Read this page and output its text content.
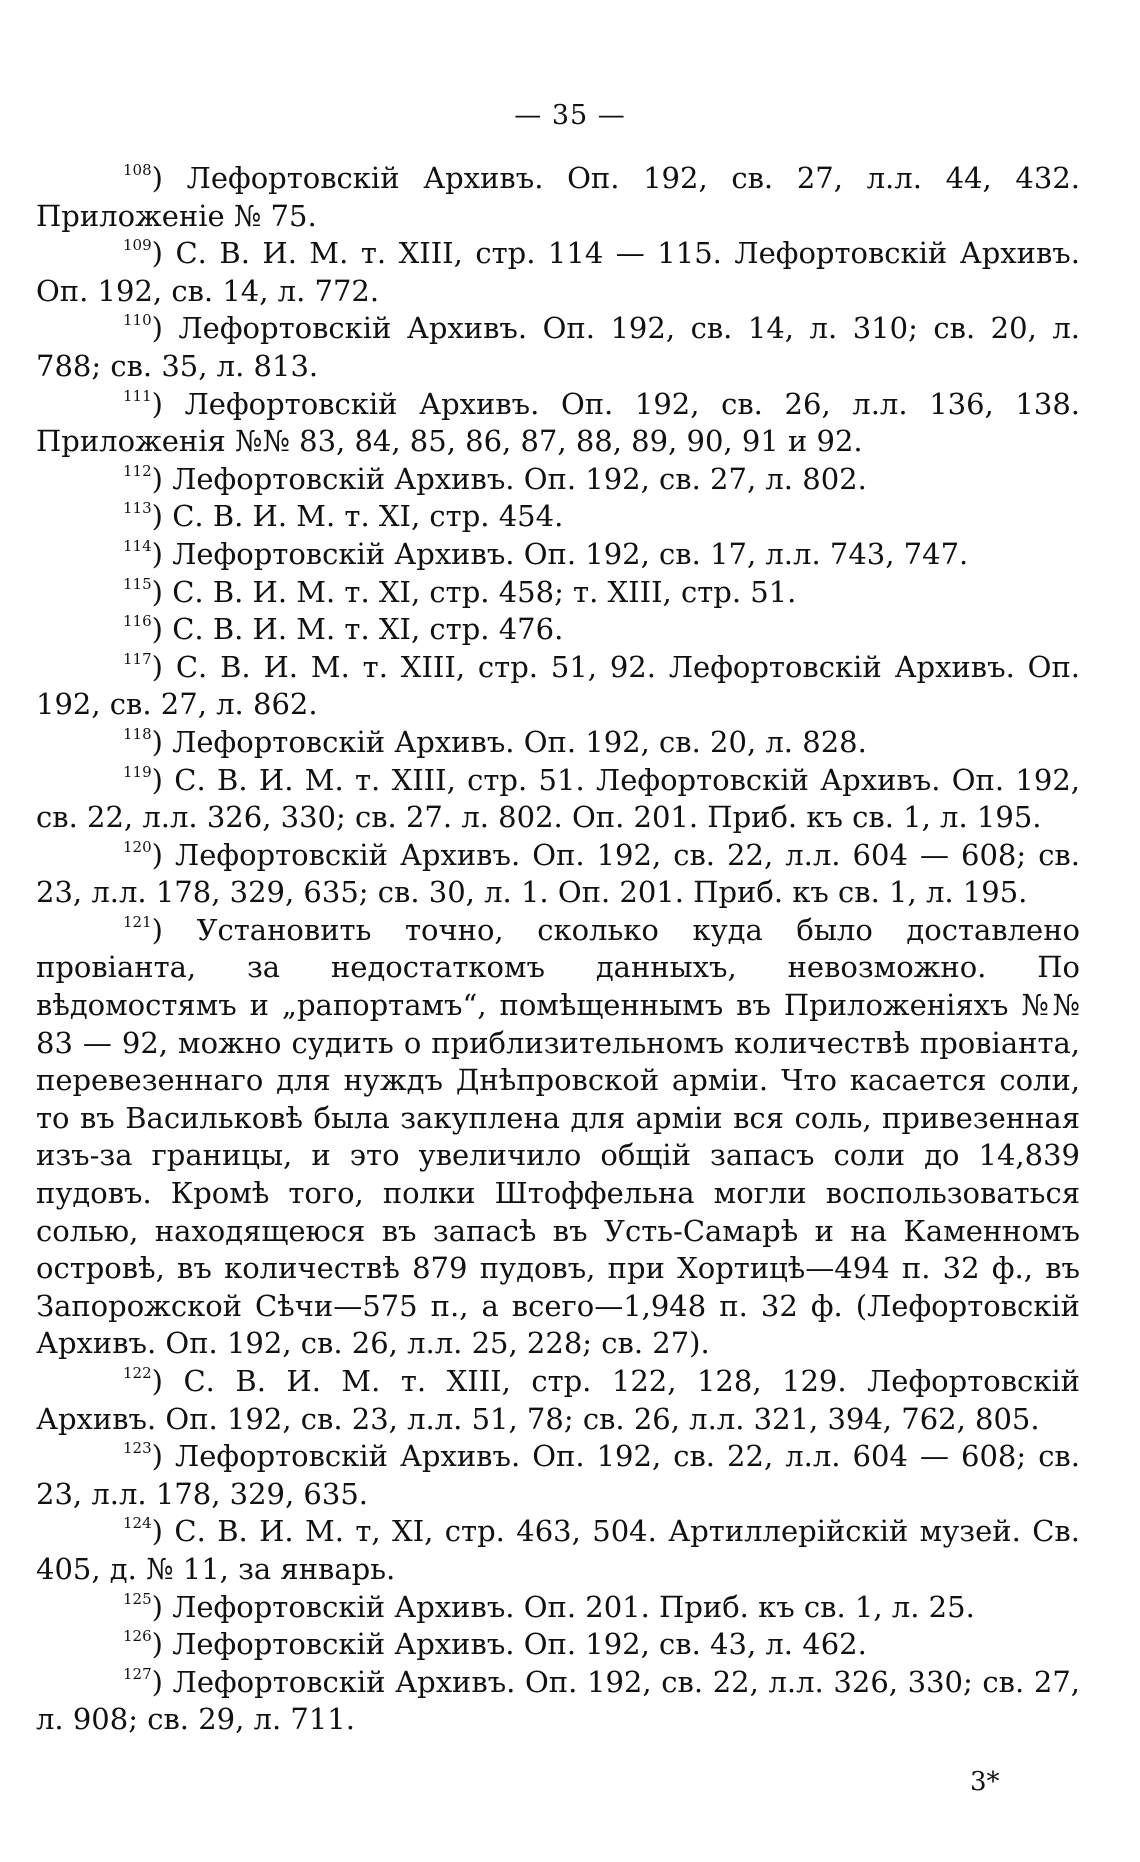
— 35 —

$^{108}$) Лефортовскій Архивъ. Оп. 192, св. 27, л.л. 44, 432. Приложеніе № 75.

$^{109}$) С. В. И. М. т. XIII, стр. 114 — 115. Лефортовскій Архивъ. Оп. 192, св. 14, л. 772.

$^{110}$) Лефортовскій Архивъ. Оп. 192, св. 14, л. 310; св. 20, л. 788; св. 35, л. 813.

$^{111}$) Лефортовскій Архивъ. Оп. 192, св. 26, л.л. 136, 138. Приложенія №№ 83, 84, 85, 86, 87, 88, 89, 90, 91 и 92.

$^{112}$) Лефортовскій Архивъ. Оп. 192, св. 27, л. 802.

$^{113}$) С. В. И. М. т. XI, стр. 454.

$^{114}$) Лефортовскій Архивъ. Оп. 192, св. 17, л.л. 743, 747.

$^{115}$) С. В. И. М. т. XI, стр. 458; т. XIII, стр. 51.

$^{116}$) С. В. И. М. т. XI, стр. 476.

$^{117}$) С. В. И. М. т. XIII, стр. 51, 92. Лефортовскій Архивъ. Оп. 192, св. 27, л. 862.

$^{118}$) Лефортовскій Архивъ. Оп. 192, св. 20, л. 828.

$^{119}$) С. В. И. М. т. XIII, стр. 51. Лефортовскій Архивъ. Оп. 192, св. 22, л.л. 326, 330; св. 27. л. 802. Оп. 201. Приб. къ св. 1, л. 195.

$^{120}$) Лефортовскій Архивъ. Оп. 192, св. 22, л.л. 604 — 608; св. 23, л.л. 178, 329, 635; св. 30, л. 1. Оп. 201. Приб. къ св. 1, л. 195.

$^{121}$) Установить точно, сколько куда было доставлено провіанта, за недостаткомъ данныхъ, невозможно. По вѣдомостямъ и „рапортамъ“, помѣщеннымъ въ Приложеніяхъ №№ 83 — 92, можно судить о приблизительномъ количествѣ провіанта, перевезеннаго для нуждъ Днѣпровской арміи. Что касается соли, то въ Васильковѣ была закуплена для арміи вся соль, привезенная изъ-за границы, и это увеличило общій запасъ соли до 14,839 пудовъ. Кромѣ того, полки Штоффельна могли воспользоваться солью, находящеюся въ запасѣ въ Усть-Самарѣ и на Каменномъ островѣ, въ количествѣ 879 пудовъ, при Хортицѣ—494 п. 32 ф., въ Запорожской Сѣчи—575 п., а всего—1,948 п. 32 ф. (Лефортовскій Архивъ. Оп. 192, св. 26, л.л. 25, 228; св. 27).

$^{122}$) С. В. И. М. т. XIII, стр. 122, 128, 129. Лефортовскій Архивъ. Оп. 192, св. 23, л.л. 51, 78; св. 26, л.л. 321, 394, 762, 805.

$^{123}$) Лефортовскій Архивъ. Оп. 192, св. 22, л.л. 604 — 608; св. 23, л.л. 178, 329, 635.

$^{124}$) С. В. И. М. т, XI, стр. 463, 504. Артиллерійскій музей. Св. 405, д. № 11, за январь.

$^{125}$) Лефортовскій Архивъ. Оп. 201. Приб. къ св. 1, л. 25.

$^{126}$) Лефортовскій Архивъ. Оп. 192, св. 43, л. 462.

$^{127}$) Лефортовскій Архивъ. Оп. 192, св. 22, л.л. 326, 330; св. 27, л. 908; св. 29, л. 711.

3*
